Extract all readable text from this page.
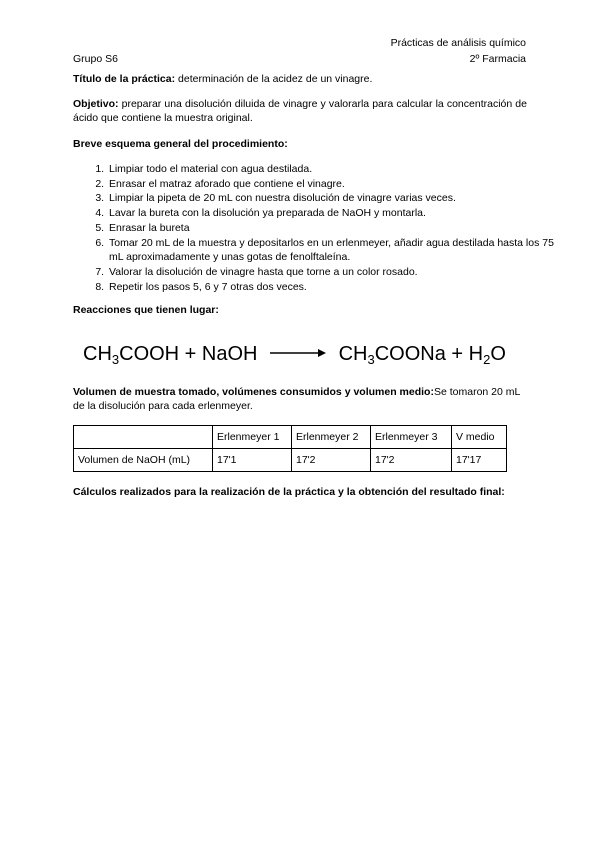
Prácticas de análisis químico
Grupo S6	2º Farmacia
Título de la práctica: determinación de la acidez de un vinagre.
Objetivo: preparar una disolución diluida de vinagre y valorarla para calcular la concentración de ácido que contiene la muestra original.
Breve esquema general del procedimiento:
1. Limpiar todo el material con agua destilada.
2. Enrasar el matraz aforado que contiene el vinagre.
3. Limpiar la pipeta de 20 mL con nuestra disolución de vinagre varias veces.
4. Lavar la bureta con la disolución ya preparada de NaOH y montarla.
5. Enrasar la bureta
6. Tomar 20 mL de la muestra y depositarlos en un erlenmeyer, añadir agua destilada hasta los 75 mL aproximadamente y unas gotas de fenolftaleína.
7. Valorar la disolución de vinagre hasta que torne a un color rosado.
8. Repetir los pasos 5, 6 y 7 otras dos veces.
Reacciones que tienen lugar:
$CH_3COOH$ + NaOH → $CH_3COONa + H_2O$
Volumen de muestra tomado, volúmenes consumidos y volumen medio:Se tomaron 20 mL de la disolución para cada erlenmeyer.
	Erlenmeyer 1	Erlenmeyer 2	Erlenmeyer 3	V medio
Volumen de NaOH (mL)	17'1	17'2	17'2	17'17
Cálculos realizados para la realización de la práctica y la obtención del resultado final:
